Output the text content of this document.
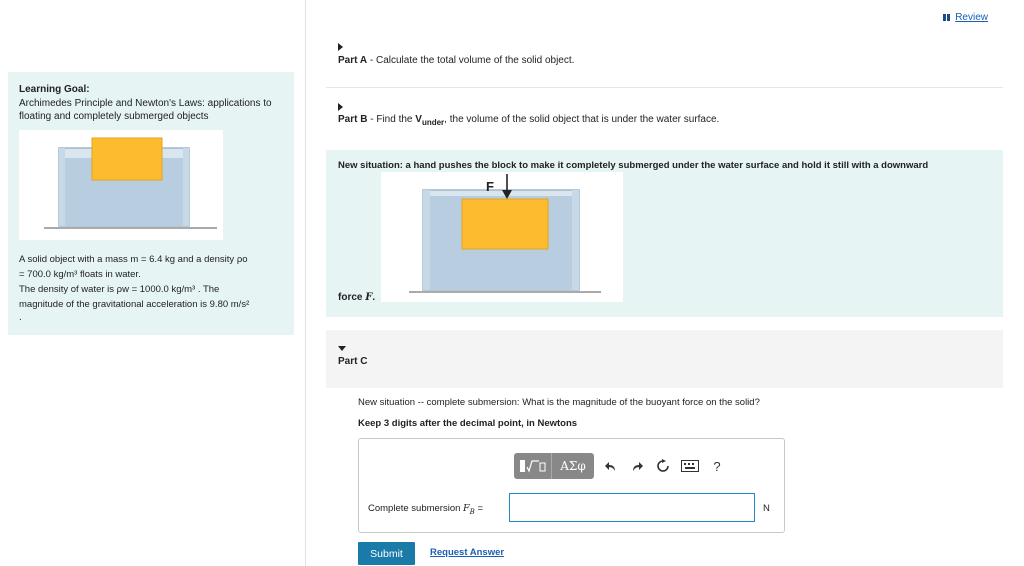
Learning Goal:
Archimedes Principle and Newton's Laws: applications to floating and completely submerged objects
A solid object with a mass m = 6.4 kg and a density ρo
= 700.0 kg/m³ floats in water.
The density of water is ρw = 1000.0 kg/m³ . The
magnitude of the gravitational acceleration is 9.80 m/s²
.
Review
Part A - Calculate the total volume of the solid object.
Part B - Find the $V_{under}$, the volume of the solid object that is under the water surface.
New situation: a hand pushes the block to make it completely submerged under the water surface and hold it still with a downward
F
force F.
Part C
New situation -- complete submersion: What is the magnitude of the buoyant force on the solid?
Keep 3 digits after the decimal point, in Newtons
ΑΣφ	?
Complete submersion $F_B$ =	N
Submit	Request Answer
